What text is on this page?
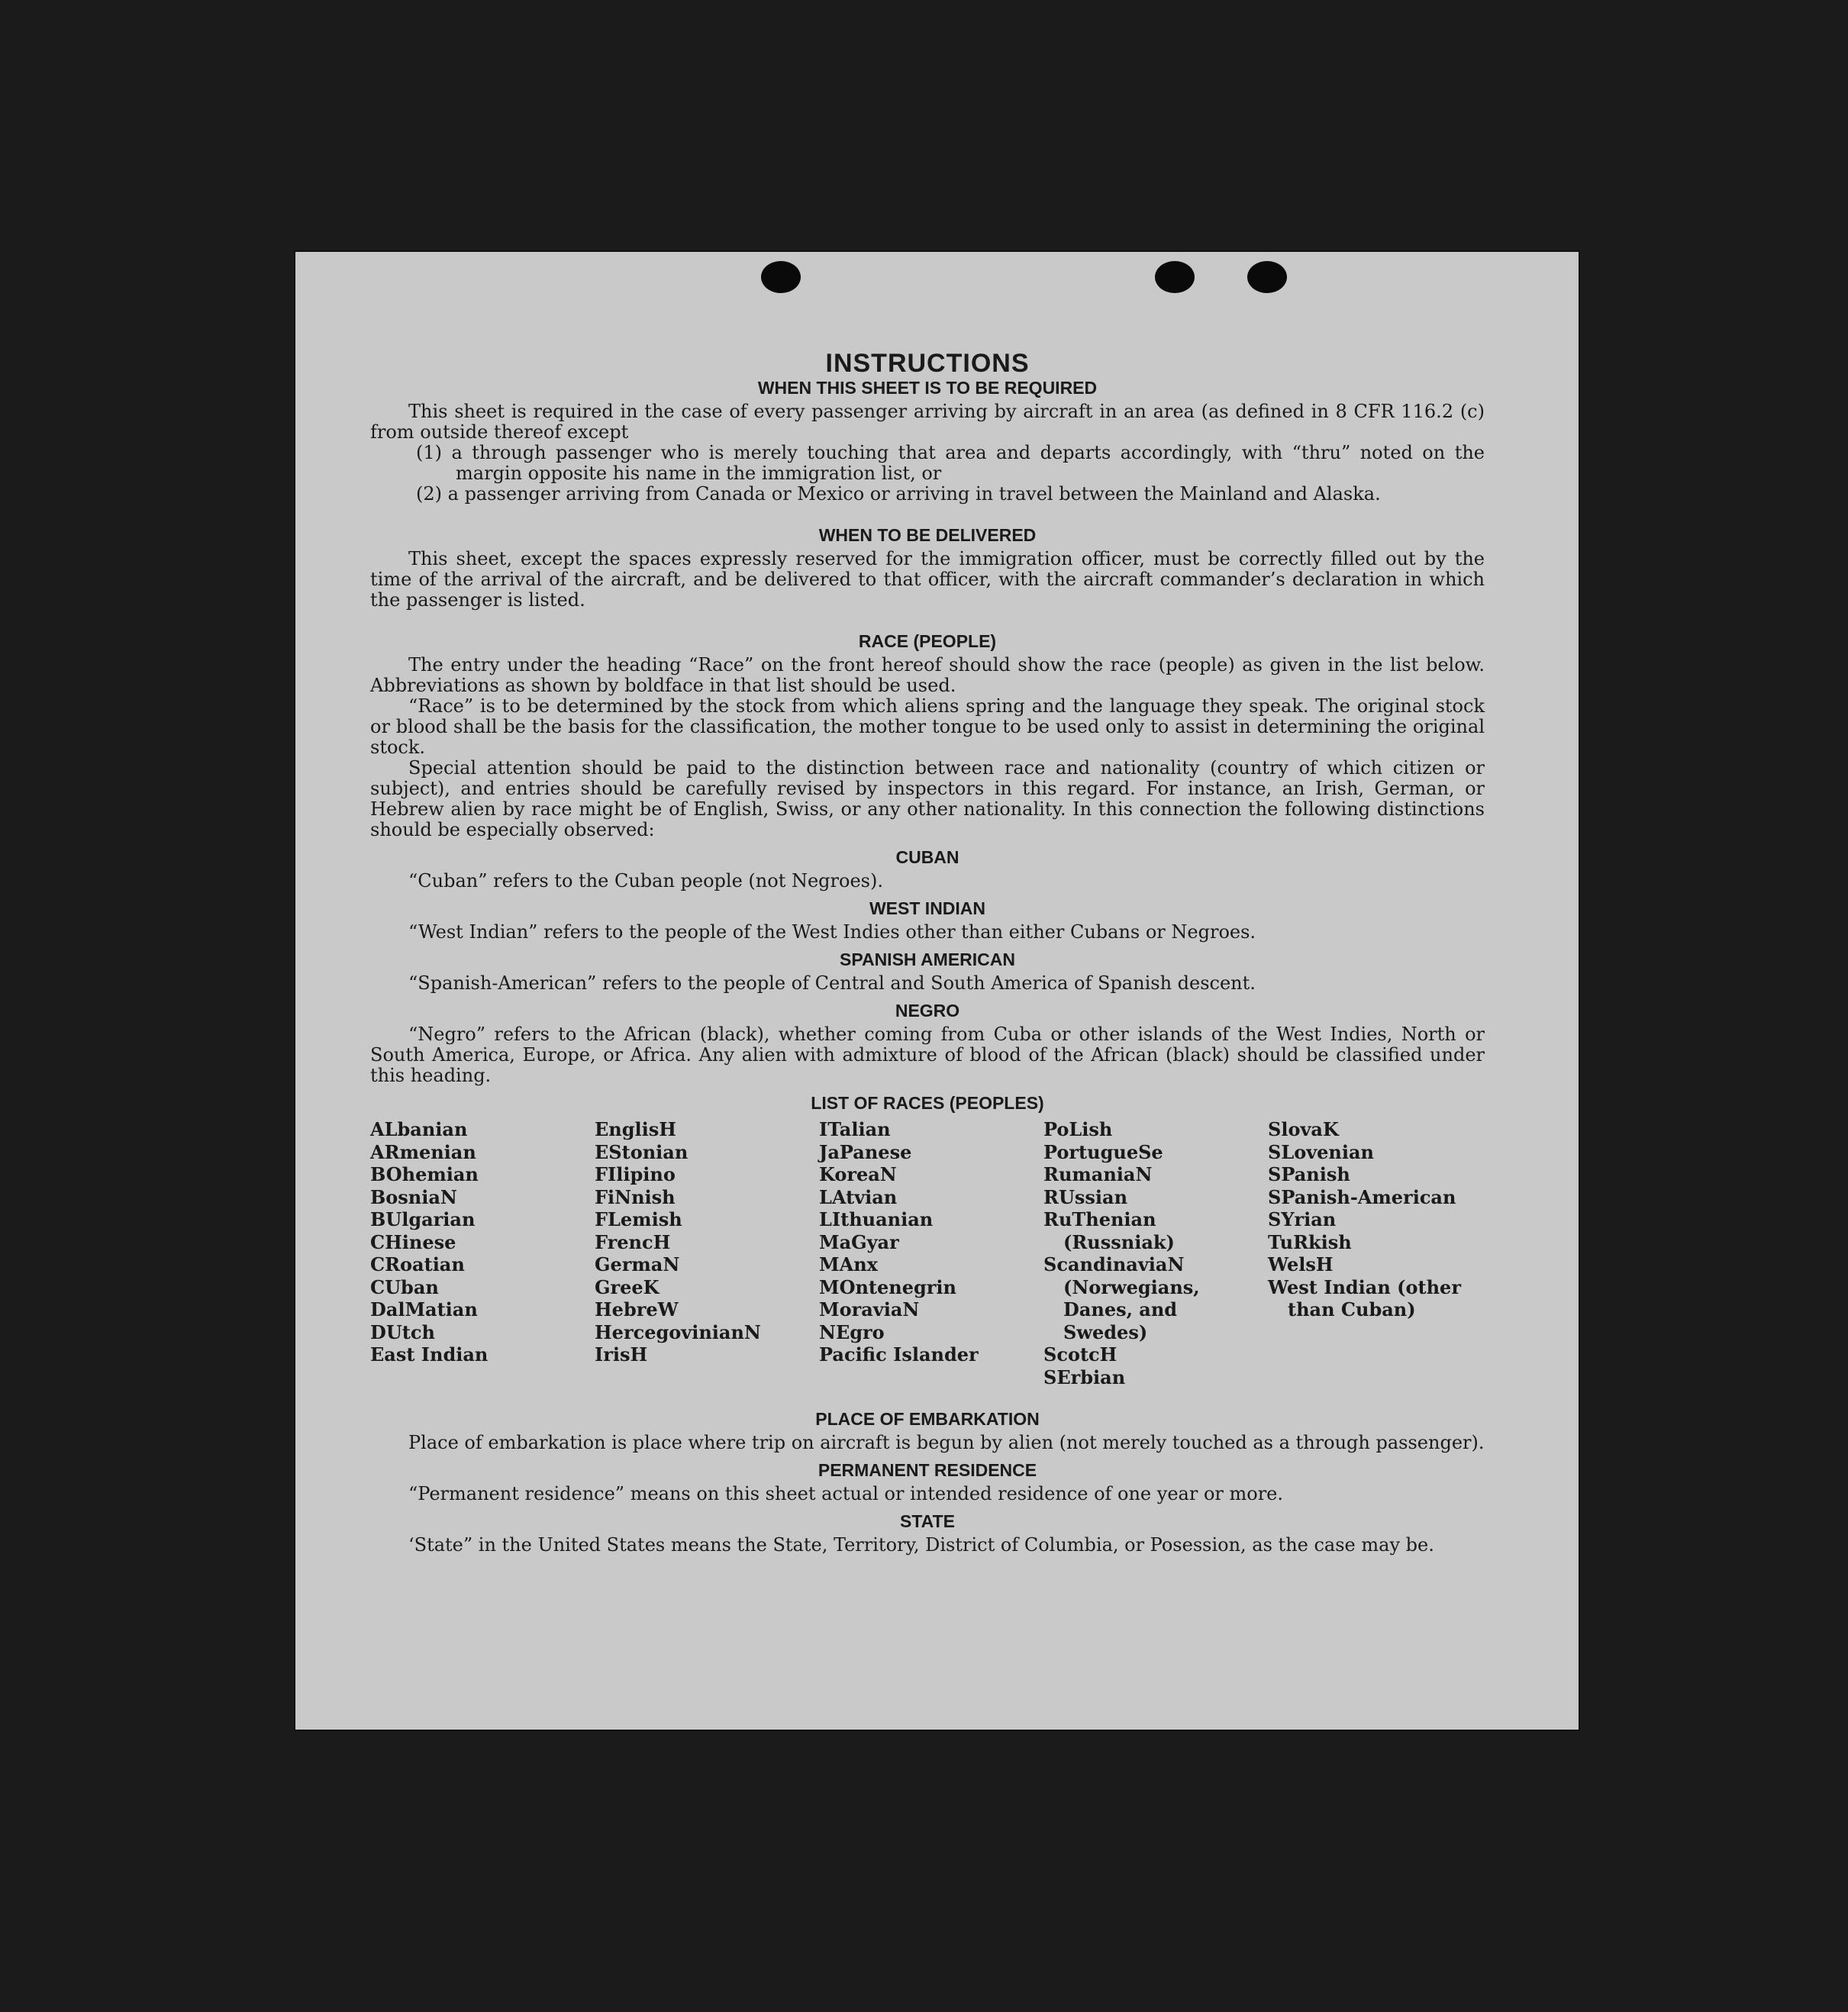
INSTRUCTIONS
WHEN THIS SHEET IS TO BE REQUIRED

This sheet is required in the case of every passenger arriving by aircraft in an area (as defined in 8 CFR 116.2 (c) from outside thereof except

(1) a through passenger who is merely touching that area and departs accordingly, with “thru” noted on the margin opposite his name in the immigration list, or

(2) a passenger arriving from Canada or Mexico or arriving in travel between the Mainland and Alaska.

WHEN TO BE DELIVERED

This sheet, except the spaces expressly reserved for the immigration officer, must be correctly filled out by the time of the arrival of the aircraft, and be delivered to that officer, with the aircraft commander’s declaration in which the passenger is listed.

RACE (PEOPLE)

The entry under the heading “Race” on the front hereof should show the race (people) as given in the list below. Abbreviations as shown by boldface in that list should be used.

“Race” is to be determined by the stock from which aliens spring and the language they speak. The original stock or blood shall be the basis for the classification, the mother tongue to be used only to assist in determining the original stock.

Special attention should be paid to the distinction between race and nationality (country of which citizen or subject), and entries should be carefully revised by inspectors in this regard. For instance, an Irish, German, or Hebrew alien by race might be of English, Swiss, or any other nationality. In this connection the following distinctions should be especially observed:

CUBAN

“Cuban” refers to the Cuban people (not Negroes).

WEST INDIAN

“West Indian” refers to the people of the West Indies other than either Cubans or Negroes.

SPANISH AMERICAN

“Spanish-American” refers to the people of Central and South America of Spanish descent.

NEGRO

“Negro” refers to the African (black), whether coming from Cuba or other islands of the West Indies, North or South America, Europe, or Africa. Any alien with admixture of blood of the African (black) should be classified under this heading.

LIST OF RACES (PEOPLES)
ALbanian
ARmenian
BOhemian
BosniaN
BUlgarian
CHinese
CRoatian
CUban
DalMatian
DUtch
East Indian
EnglisH
EStonian
FIlipino
FiNnish
FLemish
FrencH
GermaN
GreeK
HebreW
HercegovinianN
IrisH
ITalian
JaPanese
KoreaN
LAtvian
LIthuanian
MaGyar
MAnx
MOntenegrin
MoraviaN
NEgro
Pacific Islander
PoLish
PortugueSe
RumaniaN
RUssian
RuThenian (Russniak)
ScandinaviaN (Norwegians, Danes, and Swedes)
ScotcH
SErbian
SlovaK
SLovenian
SPanish
SPanish-American
SYrian
TuRkish
WelsH
West Indian (other than Cuban)
PLACE OF EMBARKATION

Place of embarkation is place where trip on aircraft is begun by alien (not merely touched as a through passenger).

PERMANENT RESIDENCE

“Permanent residence” means on this sheet actual or intended residence of one year or more.

STATE

‘State” in the United States means the State, Territory, District of Columbia, or Posession, as the case may be.
